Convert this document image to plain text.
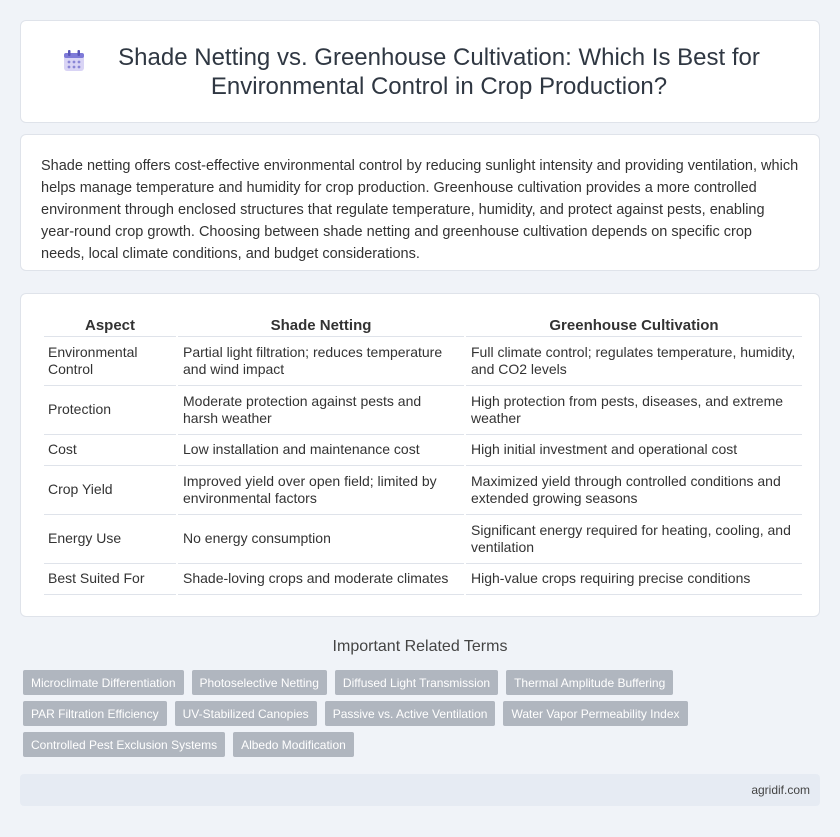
Shade Netting vs. Greenhouse Cultivation: Which Is Best for Environmental Control in Crop Production?

Shade netting offers cost-effective environmental control by reducing sunlight intensity and providing ventilation, which helps manage temperature and humidity for crop production. Greenhouse cultivation provides a more controlled environment through enclosed structures that regulate temperature, humidity, and protect against pests, enabling year-round crop growth. Choosing between shade netting and greenhouse cultivation depends on specific crop needs, local climate conditions, and budget considerations.

Aspect	Shade Netting	Greenhouse Cultivation
Environmental Control	Partial light filtration; reduces temperature and wind impact	Full climate control; regulates temperature, humidity, and CO2 levels
Protection	Moderate protection against pests and harsh weather	High protection from pests, diseases, and extreme weather
Cost	Low installation and maintenance cost	High initial investment and operational cost
Crop Yield	Improved yield over open field; limited by environmental factors	Maximized yield through controlled conditions and extended growing seasons
Energy Use	No energy consumption	Significant energy required for heating, cooling, and ventilation
Best Suited For	Shade-loving crops and moderate climates	High-value crops requiring precise conditions
Important Related Terms
Microclimate Differentiation	Photoselective Netting	Diffused Light Transmission	Thermal Amplitude Buffering
PAR Filtration Efficiency	UV-Stabilized Canopies	Passive vs. Active Ventilation	Water Vapor Permeability Index
Controlled Pest Exclusion Systems	Albedo Modification
agridif.com
